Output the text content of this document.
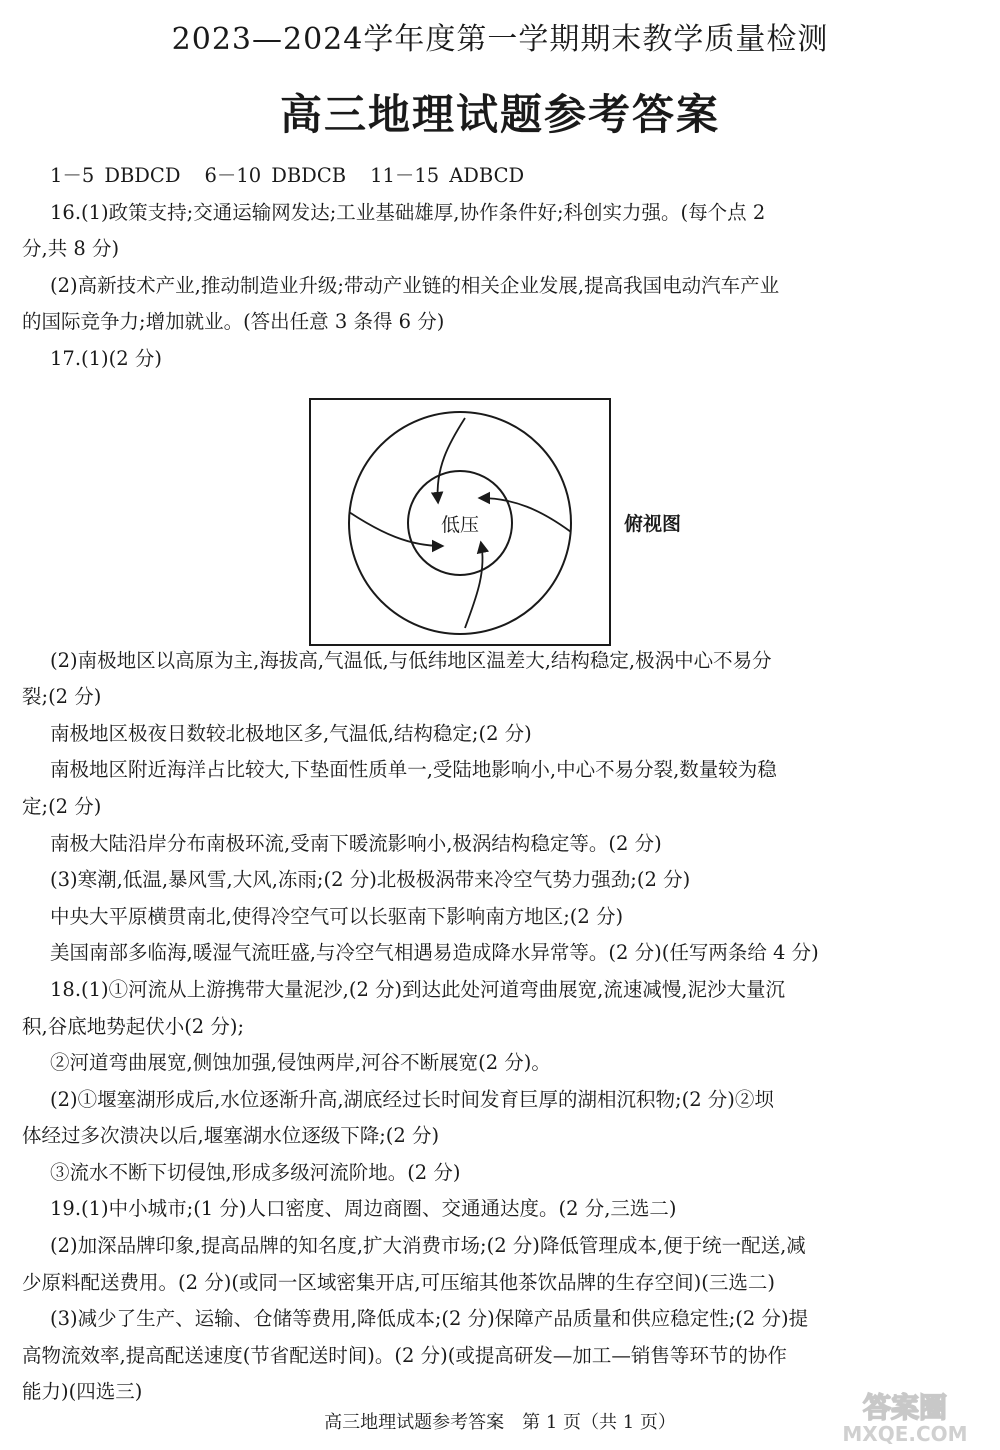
2023—2024学年度第一学期期末教学质量检测
高三地理试题参考答案

1－5 DBDCD 6－10 DBDCB 11－15 ADBCD

16.(1)政策支持;交通运输网发达;工业基础雄厚,协作条件好;科创实力强。(每个点 2

分,共 8 分)

(2)高新技术产业,推动制造业升级;带动产业链的相关企业发展,提高我国电动汽车产业

的国际竞争力;增加就业。(答出任意 3 条得 6 分)

17.(1)(2 分)

(2)南极地区以高原为主,海拔高,气温低,与低纬地区温差大,结构稳定,极涡中心不易分

裂;(2 分)

南极地区极夜日数较北极地区多,气温低,结构稳定;(2 分)

南极地区附近海洋占比较大,下垫面性质单一,受陆地影响小,中心不易分裂,数量较为稳

定;(2 分)

南极大陆沿岸分布南极环流,受南下暖流影响小,极涡结构稳定等。(2 分)

(3)寒潮,低温,暴风雪,大风,冻雨;(2 分)北极极涡带来冷空气势力强劲;(2 分)

中央大平原横贯南北,使得冷空气可以长驱南下影响南方地区;(2 分)

美国南部多临海,暖湿气流旺盛,与冷空气相遇易造成降水异常等。(2 分)(任写两条给 4 分)

18.(1)①河流从上游携带大量泥沙,(2 分)到达此处河道弯曲展宽,流速减慢,泥沙大量沉

积,谷底地势起伏小(2 分);

②河道弯曲展宽,侧蚀加强,侵蚀两岸,河谷不断展宽(2 分)。

(2)①堰塞湖形成后,水位逐渐升高,湖底经过长时间发育巨厚的湖相沉积物;(2 分)②坝

体经过多次溃决以后,堰塞湖水位逐级下降;(2 分)

③流水不断下切侵蚀,形成多级河流阶地。(2 分)

19.(1)中小城市;(1 分)人口密度、周边商圈、交通通达度。(2 分,三选二)

(2)加深品牌印象,提高品牌的知名度,扩大消费市场;(2 分)降低管理成本,便于统一配送,减

少原料配送费用。(2 分)(或同一区域密集开店,可压缩其他茶饮品牌的生存空间)(三选二)

(3)减少了生产、运输、仓储等费用,降低成本;(2 分)保障产品质量和供应稳定性;(2 分)提

高物流效率,提高配送速度(节省配送时间)。(2 分)(或提高研发—加工—销售等环节的协作

能力)(四选三)

低压	俯视图
高三地理试题参考答案　第 1 页（共 1 页）	答案圈
MXQE.COM
